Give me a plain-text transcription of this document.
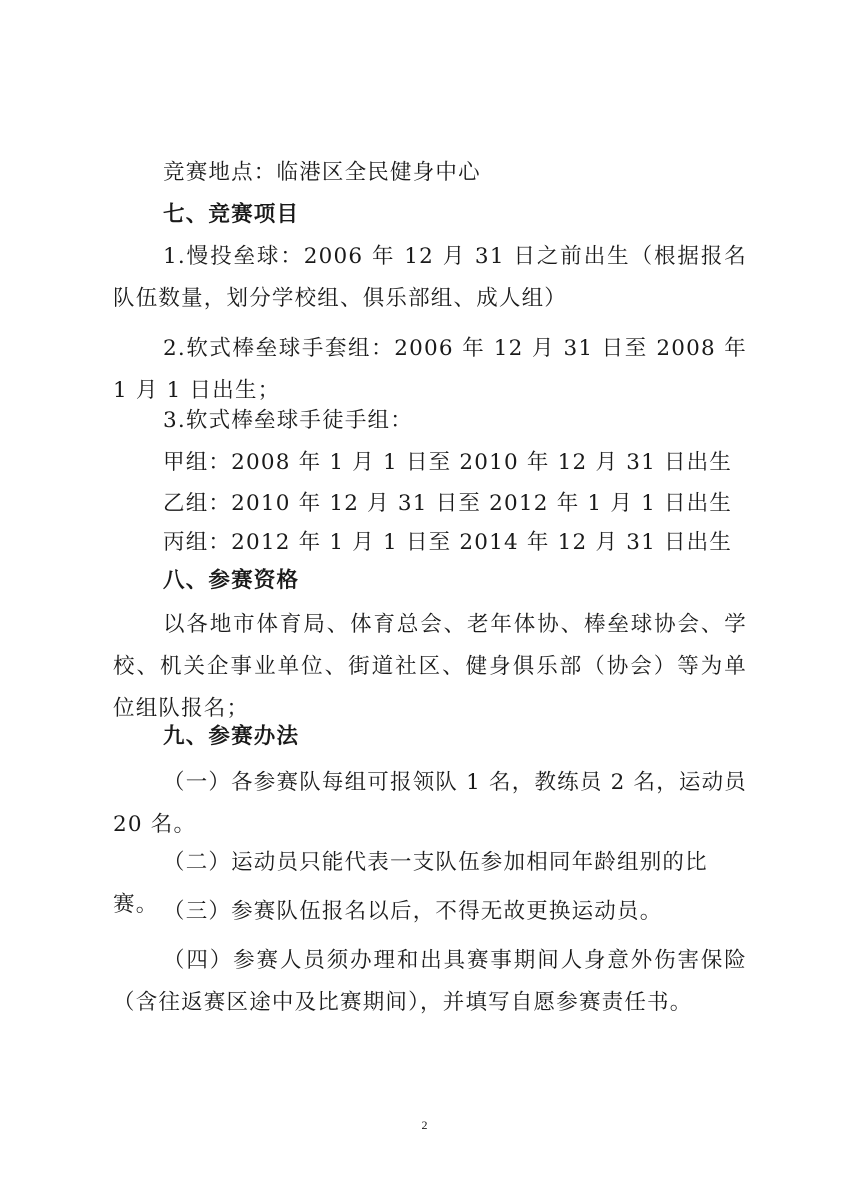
竞赛地点：临港区全民健身中心

七、竞赛项目

1.慢投垒球：2006 年 12 月 31 日之前出生（根据报名队伍数量，划分学校组、俱乐部组、成人组）

2.软式棒垒球手套组：2006 年 12 月 31 日至 2008 年 1 月 1 日出生；

3.软式棒垒球手徒手组：

甲组：2008 年 1 月 1 日至 2010 年 12 月 31 日出生

乙组：2010 年 12 月 31 日至 2012 年 1 月 1 日出生

丙组：2012 年 1 月 1 日至 2014 年 12 月 31 日出生

八、参赛资格

以各地市体育局、体育总会、老年体协、棒垒球协会、学校、机关企事业单位、街道社区、健身俱乐部（协会）等为单位组队报名；

九、参赛办法

（一）各参赛队每组可报领队 1 名，教练员 2 名，运动员 20 名。

（二）运动员只能代表一支队伍参加相同年龄组别的比赛。 （三）参赛队伍报名以后，不得无故更换运动员。

（四）参赛人员须办理和出具赛事期间人身意外伤害保险（含往返赛区途中及比赛期间），并填写自愿参赛责任书。

2
